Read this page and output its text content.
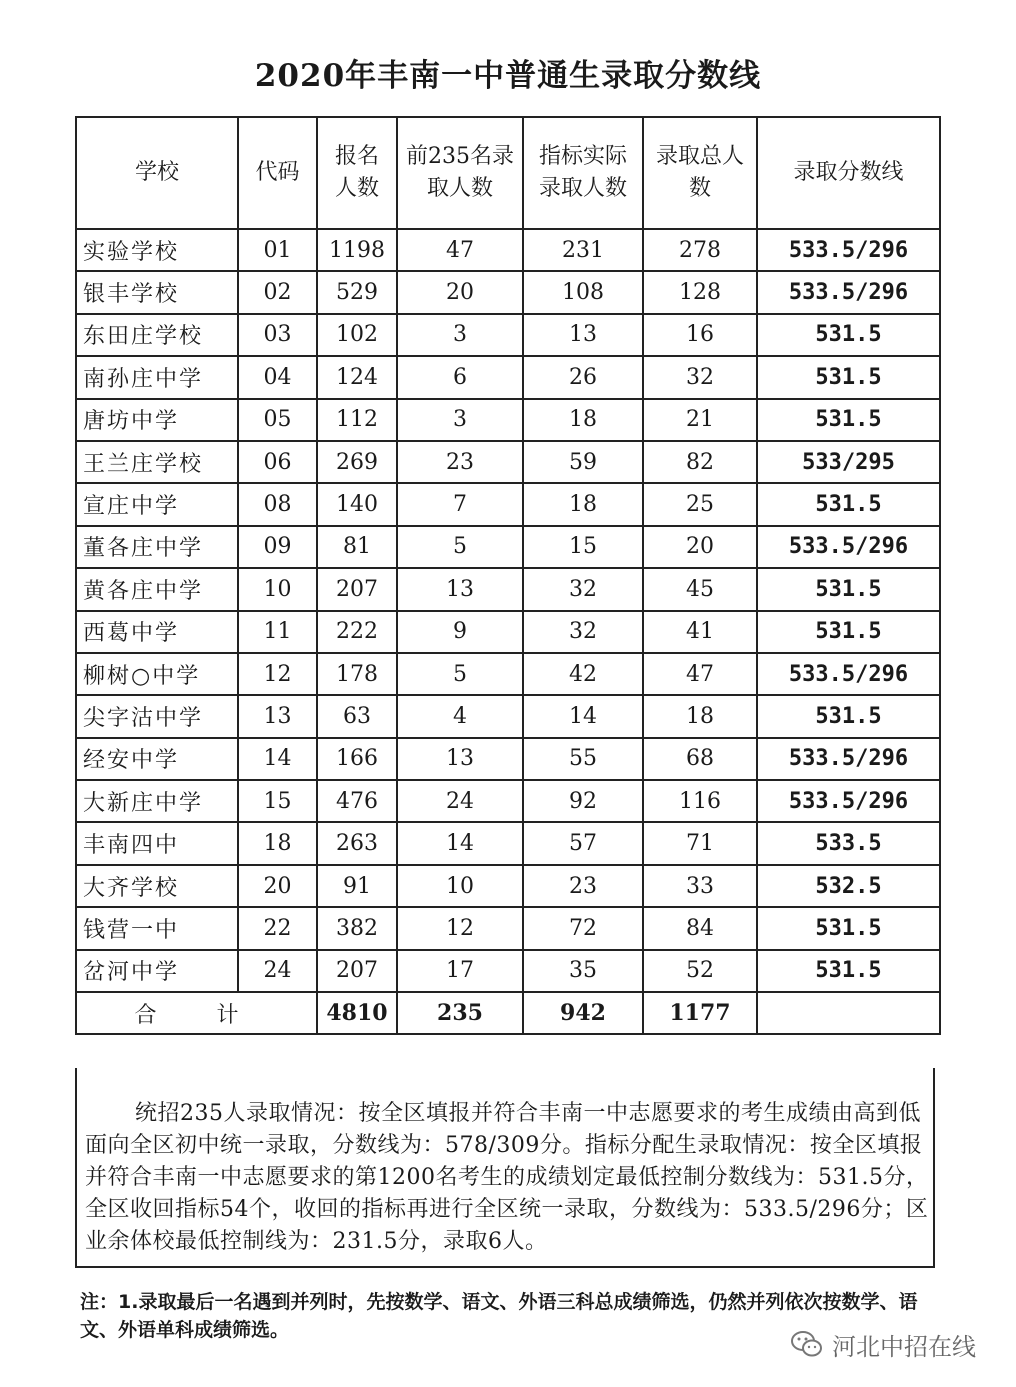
2020年丰南一中普通生录取分数线
学校	代码	报名人数	前235名录取人数	指标实际录取人数	录取总人数	录取分数线
实验学校	01	1198	47	231	278	533.5/296
银丰学校	02	529	20	108	128	533.5/296
东田庄学校	03	102	3	13	16	531.5
南孙庄中学	04	124	6	26	32	531.5
唐坊中学	05	112	3	18	21	531.5
王兰庄学校	06	269	23	59	82	533/295
宣庄中学	08	140	7	18	25	531.5
董各庄中学	09	81	5	15	20	533.5/296
黄各庄中学	10	207	13	32	45	531.5
西葛中学	11	222	9	32	41	531.5
柳树○中学	12	178	5	42	47	533.5/296
尖字沽中学	13	63	4	14	18	531.5
经安中学	14	166	13	55	68	533.5/296
大新庄中学	15	476	24	92	116	533.5/296
丰南四中	18	263	14	57	71	533.5
大齐学校	20	91	10	23	33	532.5
钱营一中	22	382	12	72	84	531.5
岔河中学	24	207	17	35	52	531.5
合计		4810	235	942	1177	
统招235人录取情况：按全区填报并符合丰南一中志愿要求的考生成绩由高到低面向全区初中统一录取，分数线为：578/309分。指标分配生录取情况：按全区填报并符合丰南一中志愿要求的第1200名考生的成绩划定最低控制分数线为：531.5分，全区收回指标54个，收回的指标再进行全区统一录取，分数线为：533.5/296分；区业余体校最低控制线为：231.5分，录取6人。
注：1.录取最后一名遇到并列时，先按数学、语文、外语三科总成绩筛选，仍然并列依次按数学、语文、外语单科成绩筛选。
河北中招在线
